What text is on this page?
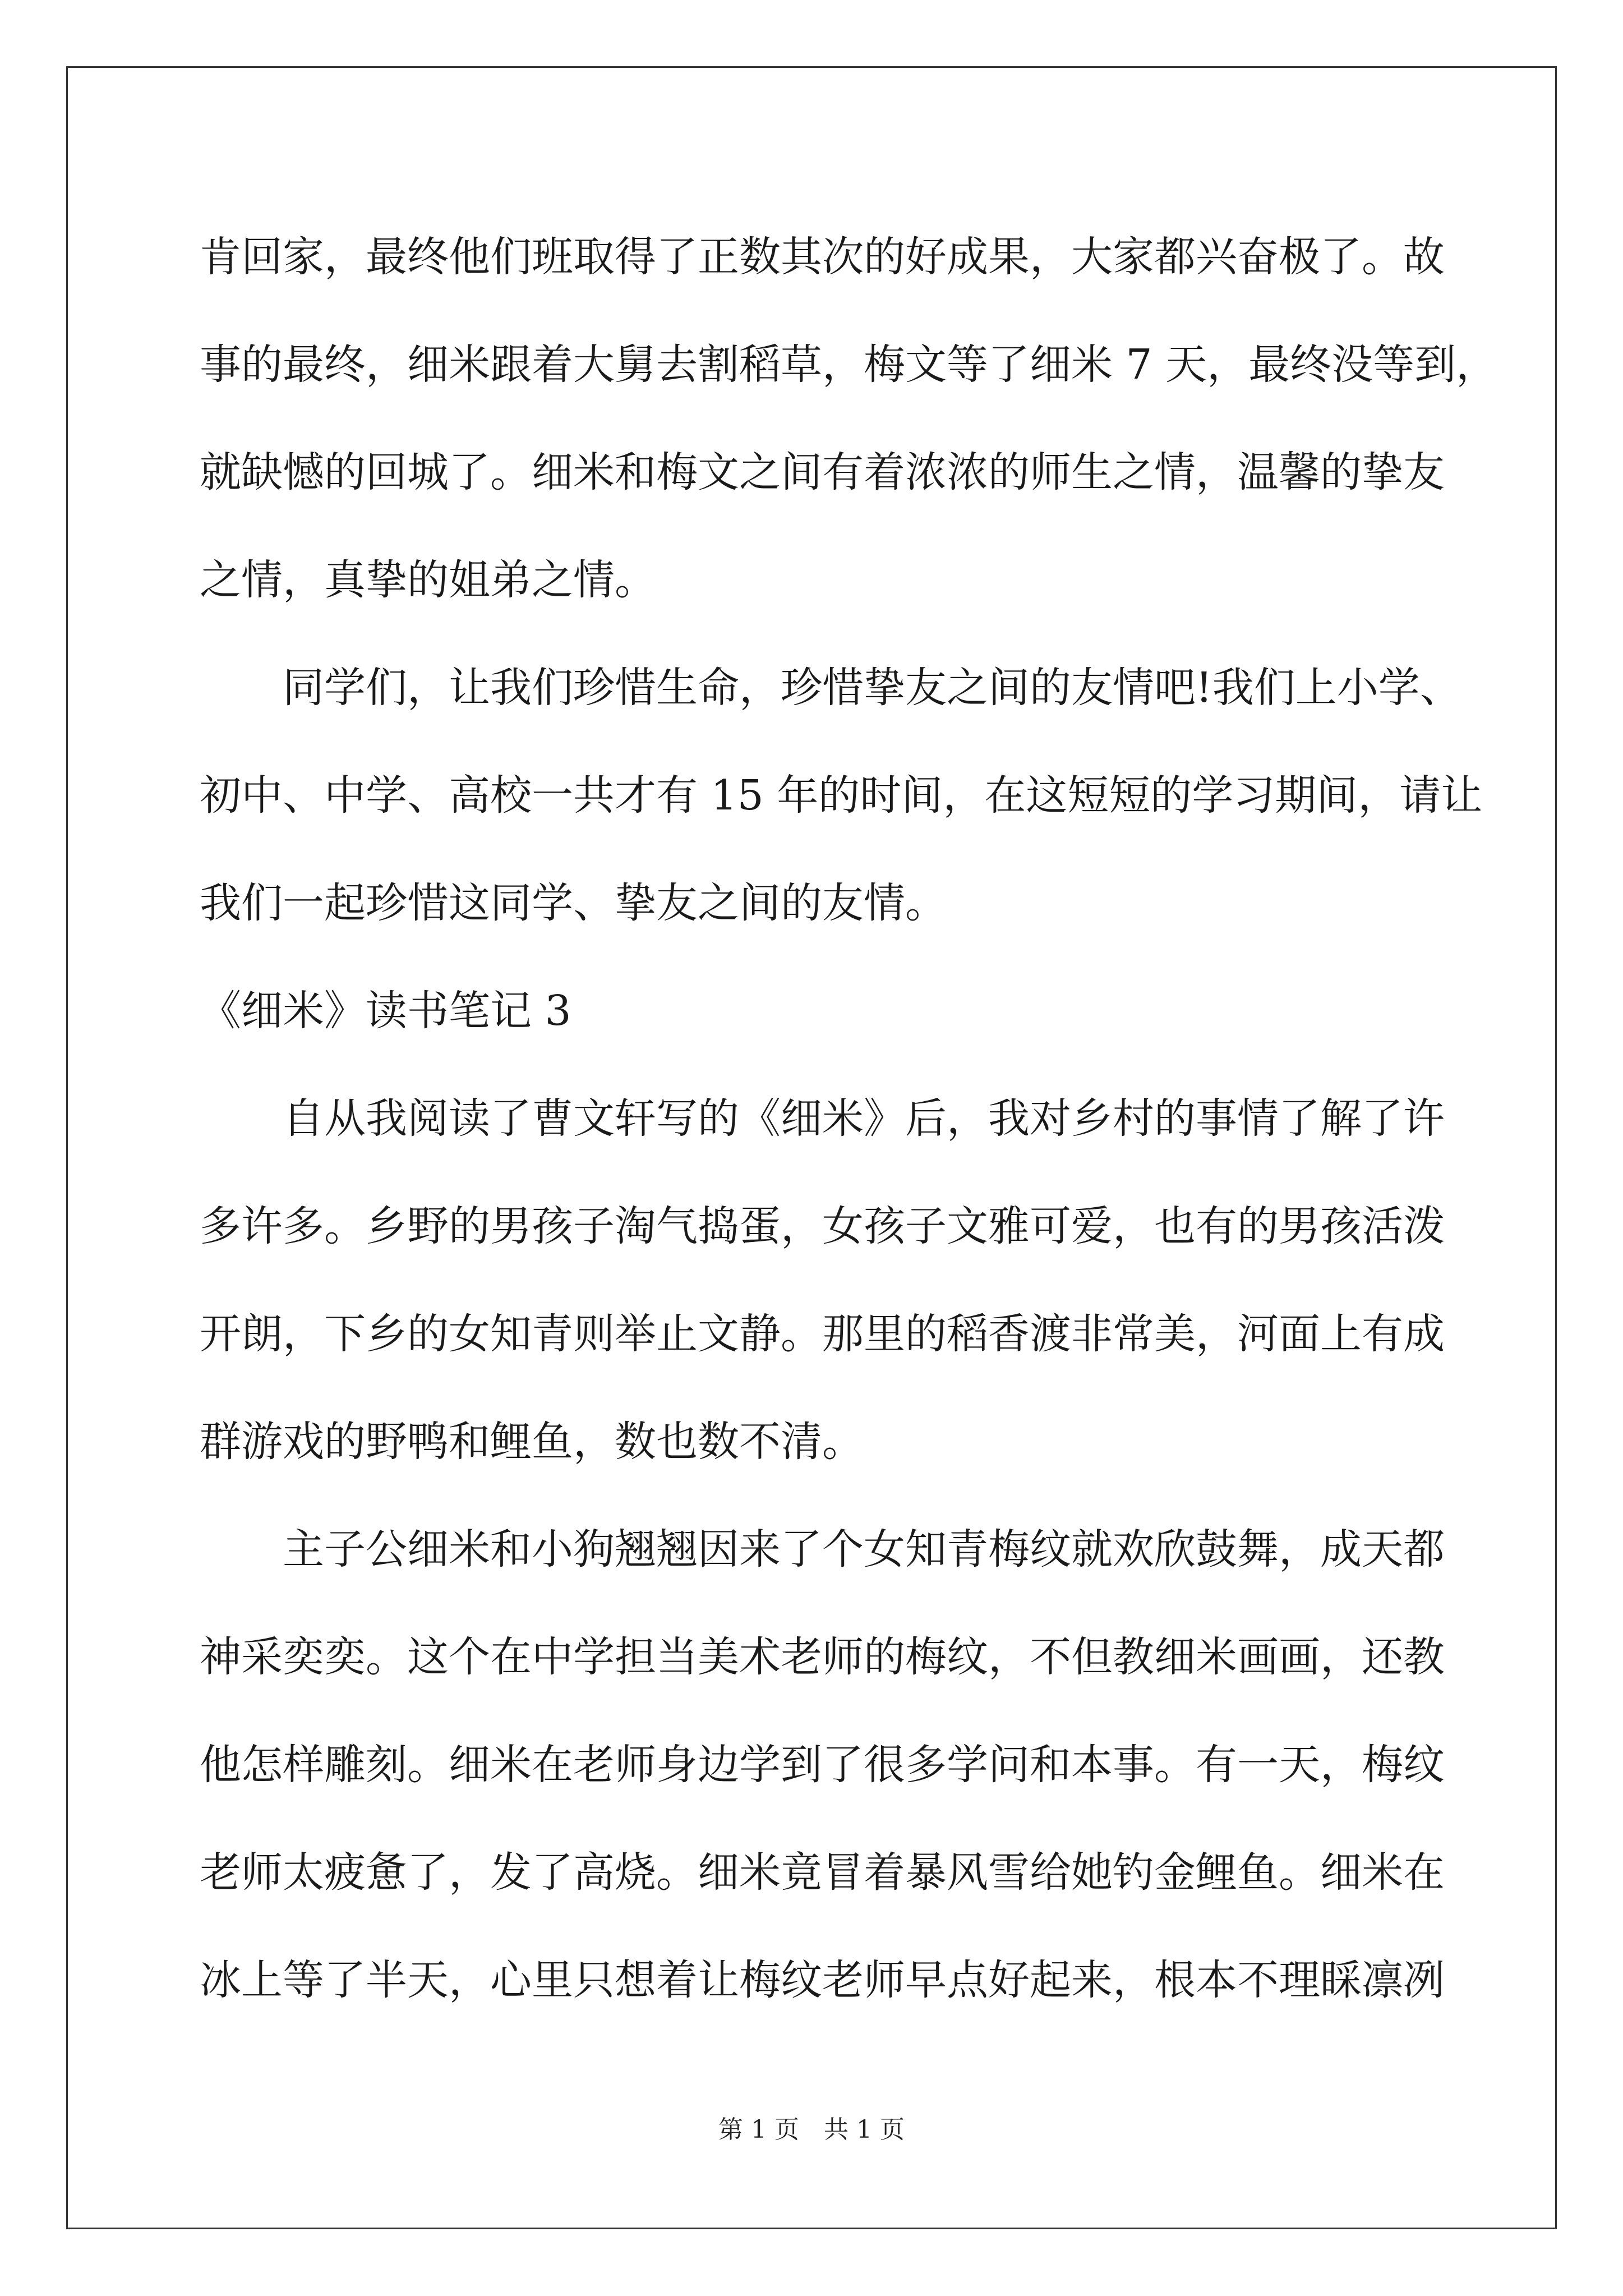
肯回家，最终他们班取得了正数其次的好成果，大家都兴奋极了。故
事的最终，细米跟着大舅去割稻草，梅文等了细米 7 天，最终没等到，
就缺憾的回城了。细米和梅文之间有着浓浓的师生之情，温馨的挚友
之情，真挚的姐弟之情。
同学们，让我们珍惜生命，珍惜挚友之间的友情吧!我们上小学、
初中、中学、高校一共才有 15 年的时间，在这短短的学习期间，请让
我们一起珍惜这同学、挚友之间的友情。
《细米》读书笔记 3
自从我阅读了曹文轩写的《细米》后，我对乡村的事情了解了许
多许多。乡野的男孩子淘气捣蛋，女孩子文雅可爱，也有的男孩活泼
开朗，下乡的女知青则举止文静。那里的稻香渡非常美，河面上有成
群游戏的野鸭和鲤鱼，数也数不清。
主子公细米和小狗翘翘因来了个女知青梅纹就欢欣鼓舞，成天都
神采奕奕。这个在中学担当美术老师的梅纹，不但教细米画画，还教
他怎样雕刻。细米在老师身边学到了很多学问和本事。有一天，梅纹
老师太疲惫了，发了高烧。细米竟冒着暴风雪给她钓金鲤鱼。细米在
冰上等了半天，心里只想着让梅纹老师早点好起来，根本不理睬凛冽
第 1 页　共 1 页
